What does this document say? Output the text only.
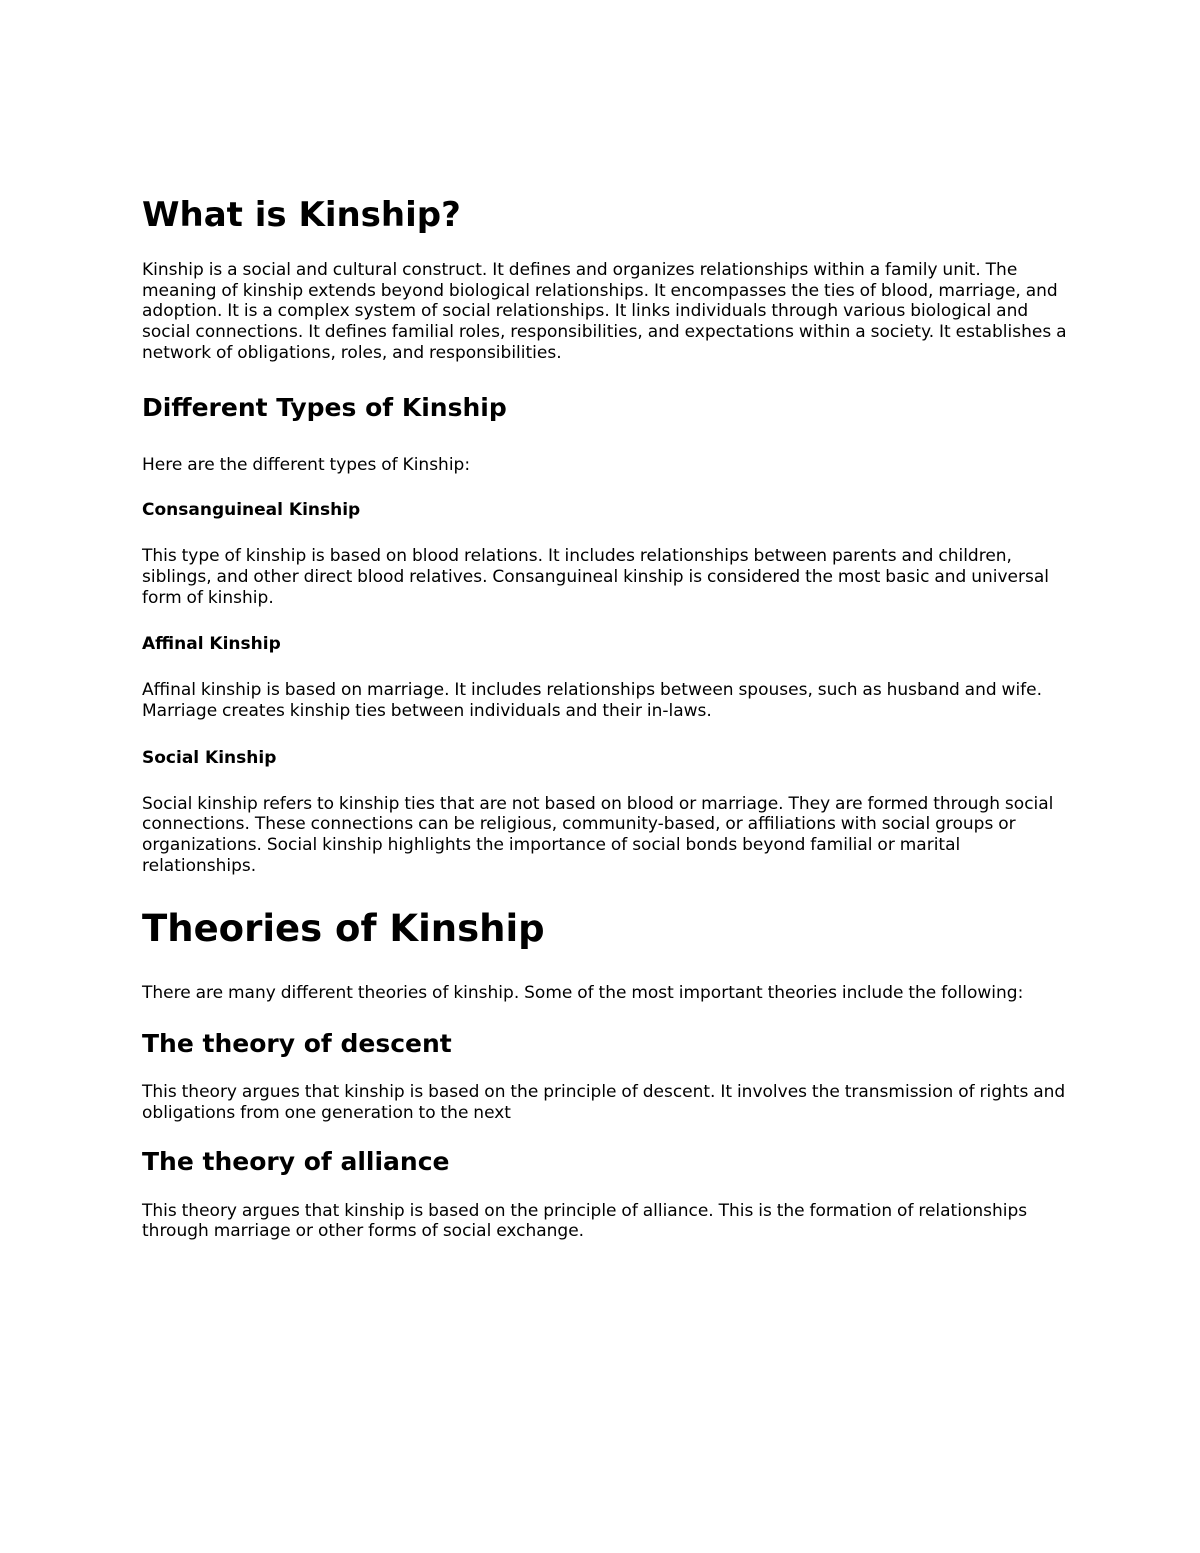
What is Kinship?

Kinship is a social and cultural construct. It defines and organizes relationships within a family unit. The meaning of kinship extends beyond biological relationships. It encompasses the ties of blood, marriage, and adoption. It is a complex system of social relationships. It links individuals through various biological and social connections. It defines familial roles, responsibilities, and expectations within a society. It establishes a network of obligations, roles, and responsibilities.

Different Types of Kinship

Here are the different types of Kinship:

Consanguineal Kinship

This type of kinship is based on blood relations. It includes relationships between parents and children, siblings, and other direct blood relatives. Consanguineal kinship is considered the most basic and universal form of kinship.

Affinal Kinship

Affinal kinship is based on marriage. It includes relationships between spouses, such as husband and wife. Marriage creates kinship ties between individuals and their in-laws.

Social Kinship

Social kinship refers to kinship ties that are not based on blood or marriage. They are formed through social connections. These connections can be religious, community-based, or affiliations with social groups or organizations. Social kinship highlights the importance of social bonds beyond familial or marital relationships.

Theories of Kinship

There are many different theories of kinship. Some of the most important theories include the following:

The theory of descent

This theory argues that kinship is based on the principle of descent. It involves the transmission of rights and obligations from one generation to the next

The theory of alliance

This theory argues that kinship is based on the principle of alliance. This is the formation of relationships through marriage or other forms of social exchange.
